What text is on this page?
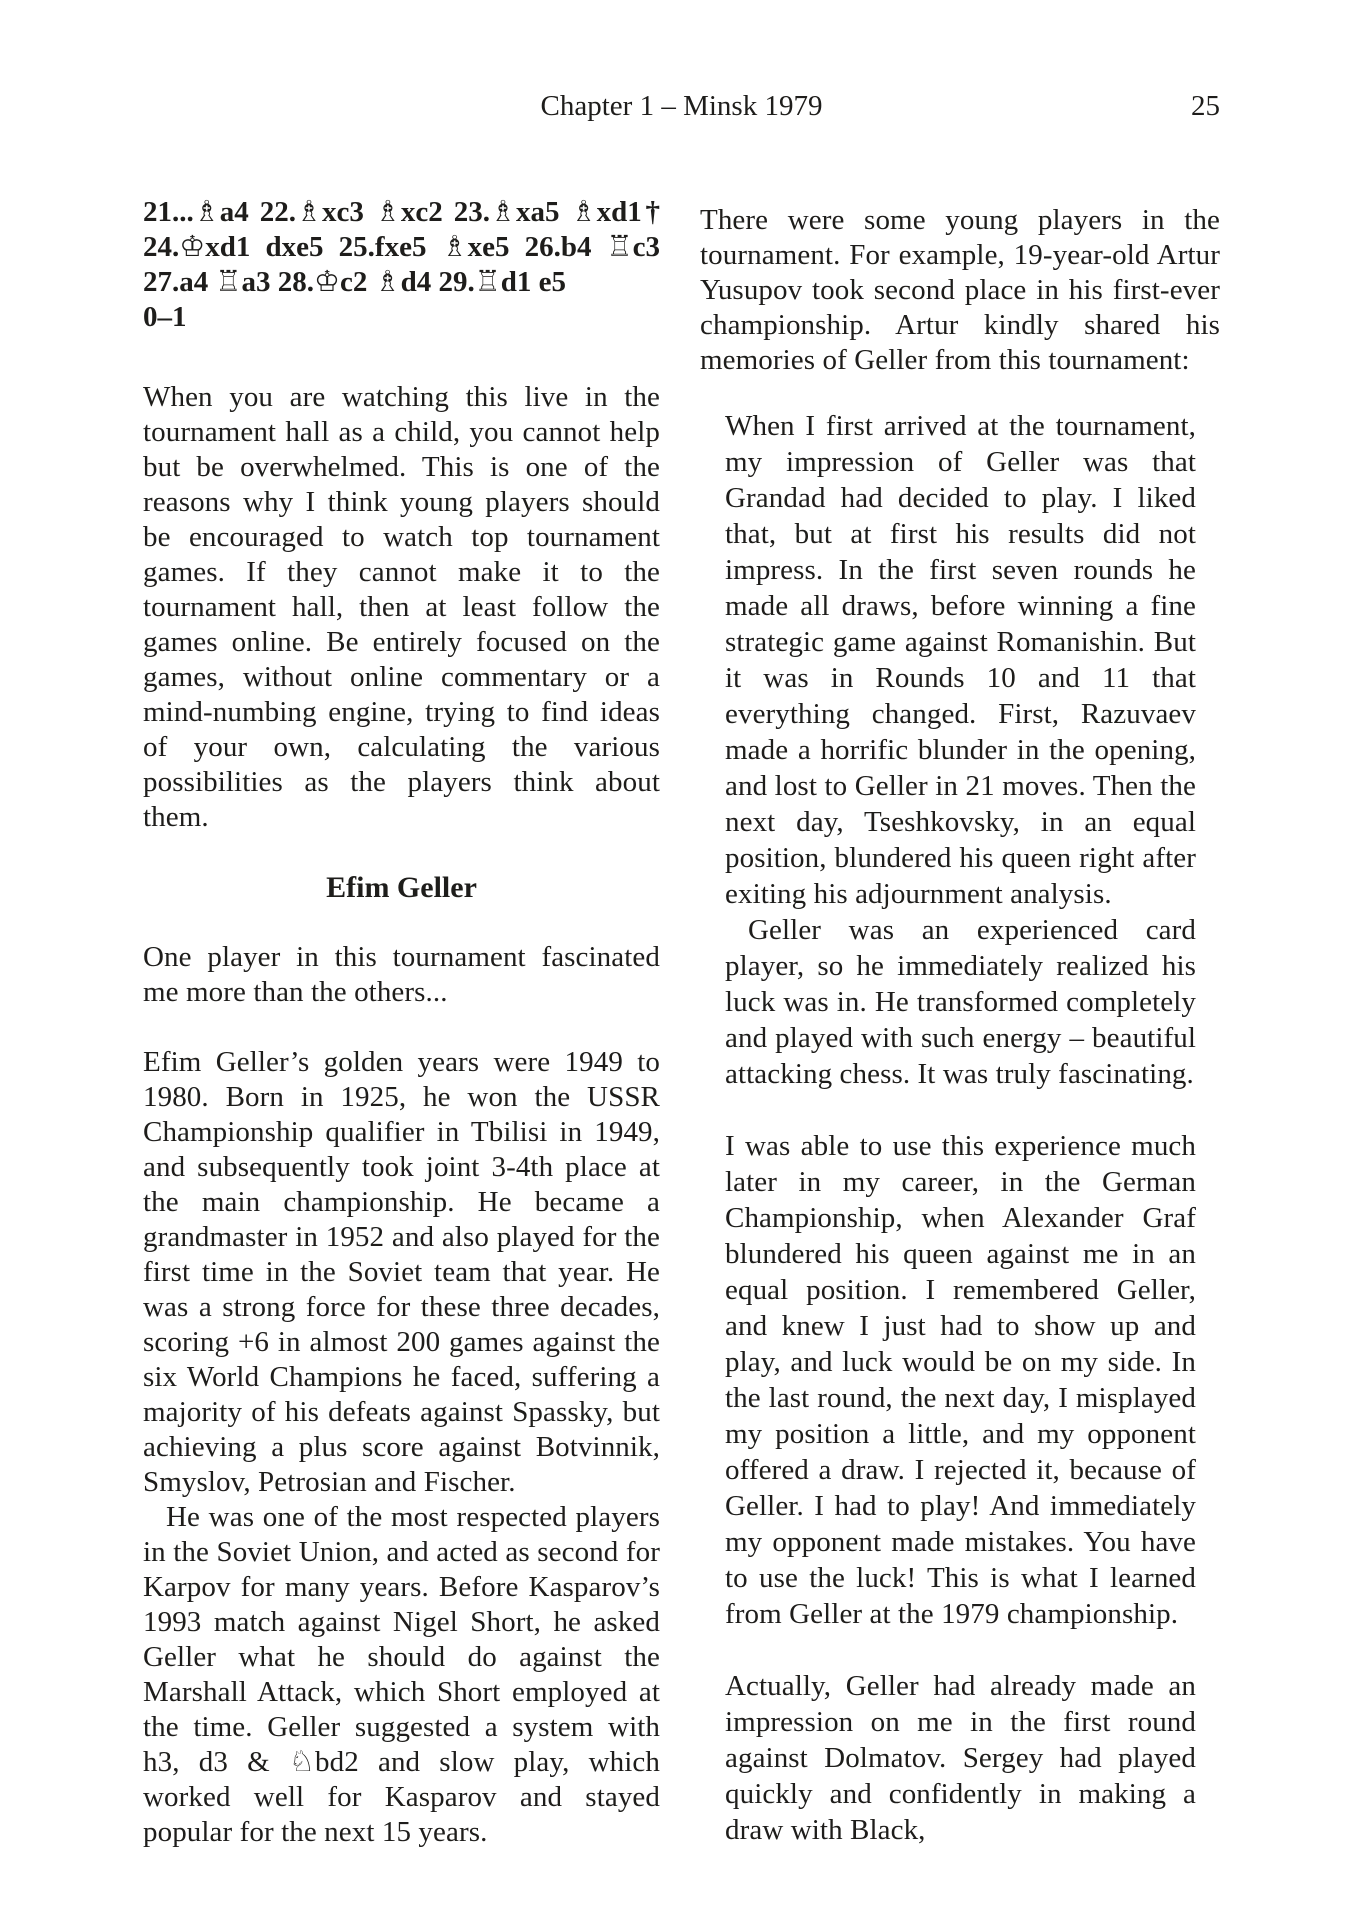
Chapter 1 – Minsk 1979	25
21...♗a4 22.♗xc3 ♗xc2 23.♗xa5 ♗xd1†
24.♔xd1 dxe5 25.fxe5 ♗xe5 26.b4 ♖c3
27.a4 ♖a3 28.♔c2 ♗d4 29.♖d1 e5
0–1

When you are watching this live in the tournament hall as a child, you cannot help but be overwhelmed. This is one of the reasons why I think young players should be encouraged to watch top tournament games. If they cannot make it to the tournament hall, then at least follow the games online. Be entirely focused on the games, without online commentary or a mind-numbing engine, trying to find ideas of your own, calculating the various possibilities as the players think about them.

Efim Geller

One player in this tournament fascinated me more than the others...

Efim Geller’s golden years were 1949 to 1980. Born in 1925, he won the USSR Championship qualifier in Tbilisi in 1949, and subsequently took joint 3-4th place at the main championship. He became a grandmaster in 1952 and also played for the first time in the Soviet team that year. He was a strong force for these three decades, scoring +6 in almost 200 games against the six World Champions he faced, suffering a majority of his defeats against Spassky, but achieving a plus score against Botvinnik, Smyslov, Petrosian and Fischer.

He was one of the most respected players in the Soviet Union, and acted as second for Karpov for many years. Before Kasparov’s 1993 match against Nigel Short, he asked Geller what he should do against the Marshall Attack, which Short employed at the time. Geller suggested a system with h3, d3 & ♘bd2 and slow play, which worked well for Kasparov and stayed popular for the next 15 years.

There were some young players in the tournament. For example, 19-year-old Artur Yusupov took second place in his first-ever championship. Artur kindly shared his memories of Geller from this tournament:

When I first arrived at the tournament, my impression of Geller was that Grandad had decided to play. I liked that, but at first his results did not impress. In the first seven rounds he made all draws, before winning a fine strategic game against Romanishin. But it was in Rounds 10 and 11 that everything changed. First, Razuvaev made a horrific blunder in the opening, and lost to Geller in 21 moves. Then the next day, Tseshkovsky, in an equal position, blundered his queen right after exiting his adjournment analysis.

Geller was an experienced card player, so he immediately realized his luck was in. He transformed completely and played with such energy – beautiful attacking chess. It was truly fascinating.

I was able to use this experience much later in my career, in the German Championship, when Alexander Graf blundered his queen against me in an equal position. I remembered Geller, and knew I just had to show up and play, and luck would be on my side. In the last round, the next day, I misplayed my position a little, and my opponent offered a draw. I rejected it, because of Geller. I had to play! And immediately my opponent made mistakes. You have to use the luck! This is what I learned from Geller at the 1979 championship.

Actually, Geller had already made an impression on me in the first round against Dolmatov. Sergey had played quickly and confidently in making a draw with Black,
